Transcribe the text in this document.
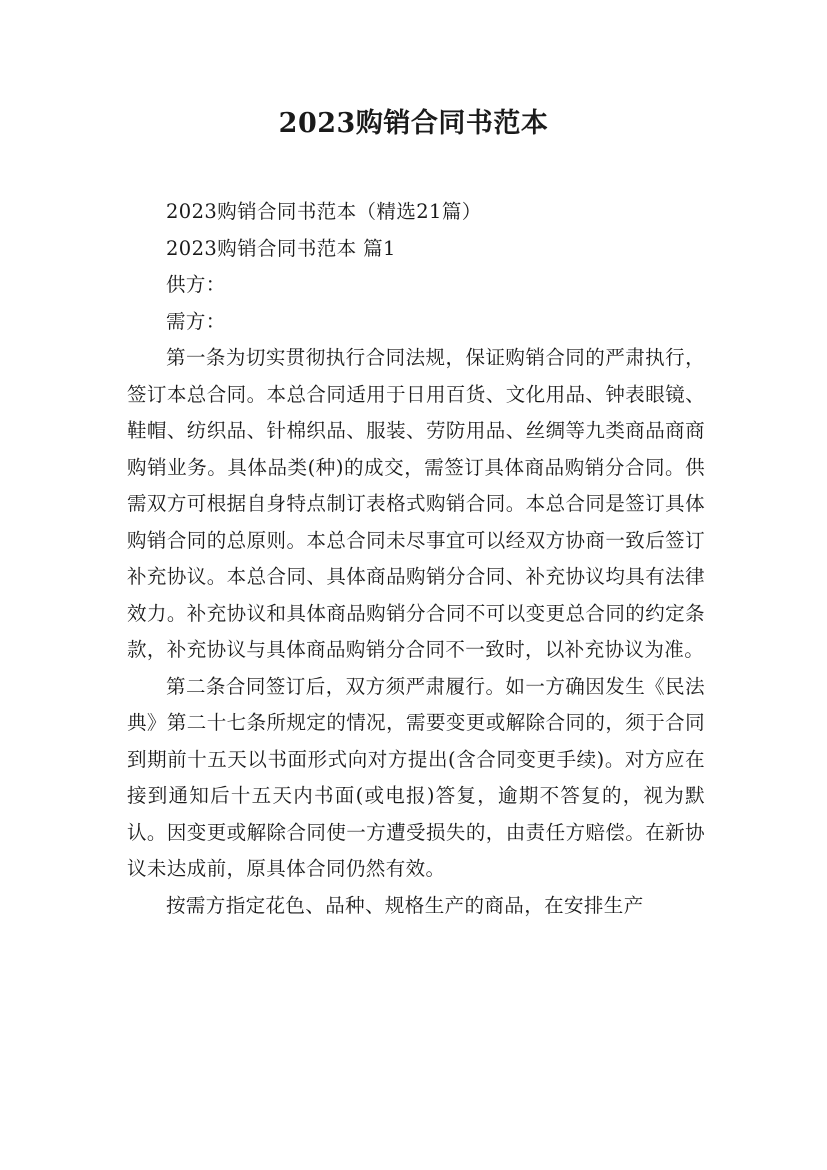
2023购销合同书范本

2023购销合同书范本（精选21篇）

2023购销合同书范本 篇1

供方：

需方：

第一条为切实贯彻执行合同法规，保证购销合同的严肃执行，签订本总合同。本总合同适用于日用百货、文化用品、钟表眼镜、鞋帽、纺织品、针棉织品、服装、劳防用品、丝绸等九类商品商商购销业务。具体品类(种)的成交，需签订具体商品购销分合同。供需双方可根据自身特点制订表格式购销合同。本总合同是签订具体购销合同的总原则。本总合同未尽事宜可以经双方协商一致后签订补充协议。本总合同、具体商品购销分合同、补充协议均具有法律效力。补充协议和具体商品购销分合同不可以变更总合同的约定条款，补充协议与具体商品购销分合同不一致时，以补充协议为准。

第二条合同签订后，双方须严肃履行。如一方确因发生《民法典》第二十七条所规定的情况，需要变更或解除合同的，须于合同到期前十五天以书面形式向对方提出(含合同变更手续)。对方应在接到通知后十五天内书面(或电报)答复，逾期不答复的，视为默认。因变更或解除合同使一方遭受损失的，由责任方赔偿。在新协议未达成前，原具体合同仍然有效。

按需方指定花色、品种、规格生产的商品，在安排生产
